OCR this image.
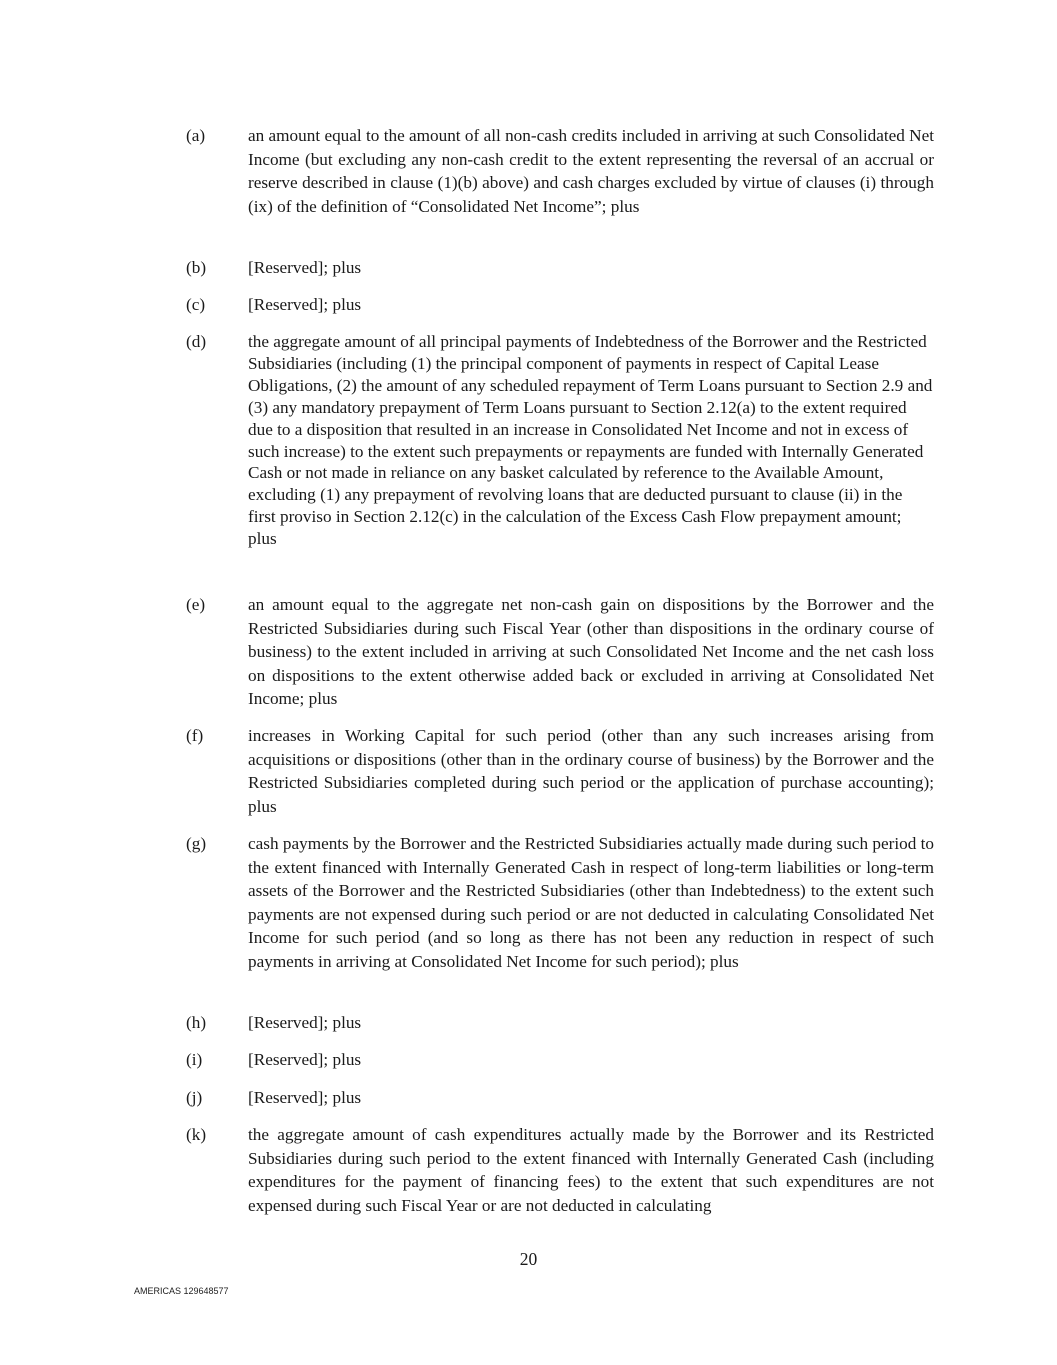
(a)	an amount equal to the amount of all non-cash credits included in arriving at such Consolidated Net Income (but excluding any non-cash credit to the extent representing the reversal of an accrual or reserve described in clause (1)(b) above) and cash charges excluded by virtue of clauses (i) through (ix) of the definition of “Consolidated Net Income”; plus
(b)	[Reserved]; plus
(c)	[Reserved]; plus
(d)	the aggregate amount of all principal payments of Indebtedness of the Borrower and the Restricted Subsidiaries (including (1) the principal component of payments in respect of Capital Lease Obligations, (2) the amount of any scheduled repayment of Term Loans pursuant to Section 2.9 and (3) any mandatory prepayment of Term Loans pursuant to Section 2.12(a) to the extent required due to a disposition that resulted in an increase in Consolidated Net Income and not in excess of such increase) to the extent such prepayments or repayments are funded with Internally Generated Cash or not made in reliance on any basket calculated by reference to the Available Amount, excluding (1) any prepayment of revolving loans that are deducted pursuant to clause (ii) in the first proviso in Section 2.12(c) in the calculation of the Excess Cash Flow prepayment amount; plus
(e)	an amount equal to the aggregate net non-cash gain on dispositions by the Borrower and the Restricted Subsidiaries during such Fiscal Year (other than dispositions in the ordinary course of business) to the extent included in arriving at such Consolidated Net Income and the net cash loss on dispositions to the extent otherwise added back or excluded in arriving at Consolidated Net Income; plus
(f)	increases in Working Capital for such period (other than any such increases arising from acquisitions or dispositions (other than in the ordinary course of business) by the Borrower and the Restricted Subsidiaries completed during such period or the application of purchase accounting); plus
(g)	cash payments by the Borrower and the Restricted Subsidiaries actually made during such period to the extent financed with Internally Generated Cash in respect of long-term liabilities or long-term assets of the Borrower and the Restricted Subsidiaries (other than Indebtedness) to the extent such payments are not expensed during such period or are not deducted in calculating Consolidated Net Income for such period (and so long as there has not been any reduction in respect of such payments in arriving at Consolidated Net Income for such period); plus
(h)	[Reserved]; plus
(i)	[Reserved]; plus
(j)	[Reserved]; plus
(k)	the aggregate amount of cash expenditures actually made by the Borrower and its Restricted Subsidiaries during such period to the extent financed with Internally Generated Cash (including expenditures for the payment of financing fees) to the extent that such expenditures are not expensed during such Fiscal Year or are not deducted in calculating
20
AMERICAS 129648577
